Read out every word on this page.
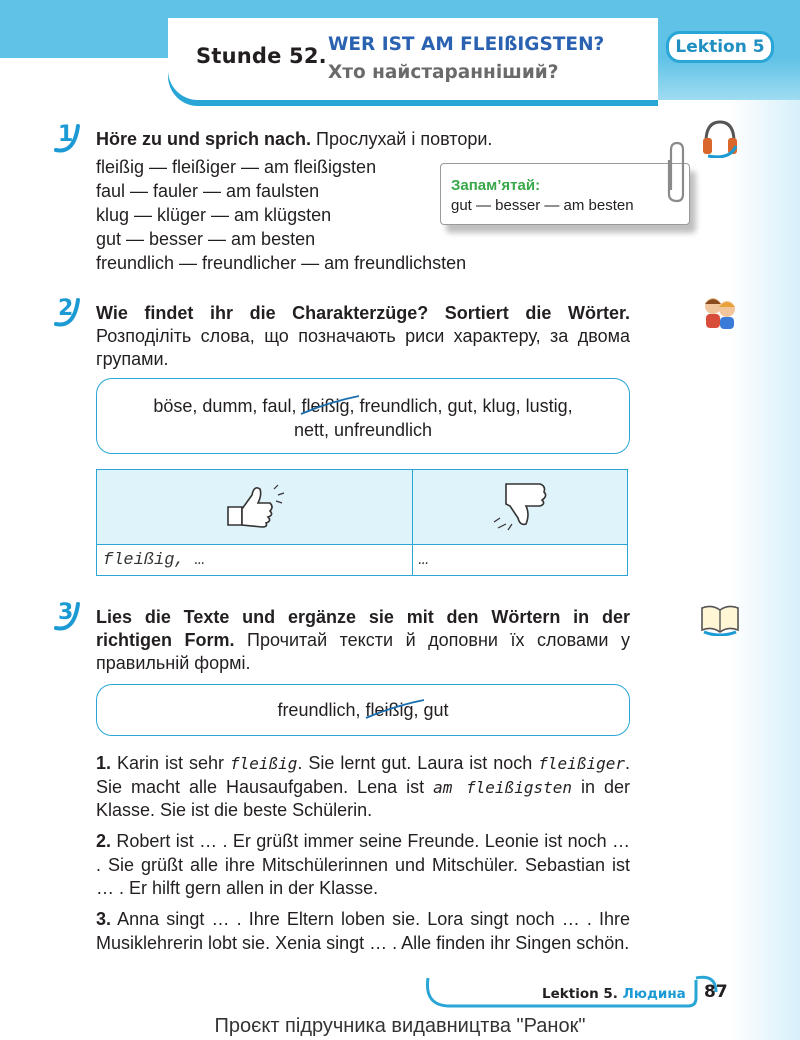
Stunde 52. WER IST AM FLEIßIGSTEN?
Хто найстаранніший?
Lektion 5
1 Höre zu und sprich nach. Прослухай і повтори.
fleißig — fleißiger — am fleißigsten
faul — fauler — am faulsten
klug — klüger — am klügsten
gut — besser — am besten
freundlich — freundlicher — am freundlichsten
Запам’ятай:
gut — besser — am besten
2 Wie findet ihr die Charakterzüge? Sortiert die Wörter. Розподіліть слова, що позначають риси характеру, за двома групами.
böse, dumm, faul, fleißig
, freundlich, gut, klug, lustig,
nett, unfreundlich

fleißig, …	…
3 Lies die Texte und ergänze sie mit den Wörtern in der richtigen Form. Прочитай тексти й доповни їх словами у правильній формі.
freundlich, fleißig
, gut
1. Karin ist sehr fleißig. Sie lernt gut. Laura ist noch fleißiger. Sie macht alle Hausaufgaben. Lena ist am fleißigsten in der Klasse. Sie ist die beste Schülerin.
2. Robert ist … . Er grüßt immer seine Freunde. Leonie ist noch … . Sie grüßt alle ihre Mitschülerinnen und Mitschüler. Sebastian ist … . Er hilft gern allen in der Klasse.
3. Anna singt … . Ihre Eltern loben sie. Lora singt noch … . Ihre Musiklehrerin lobt sie. Xenia singt … . Alle finden ihr Singen schön.
Lektion 5. Людина 87
Проєкт підручника видавництва "Ранок"
